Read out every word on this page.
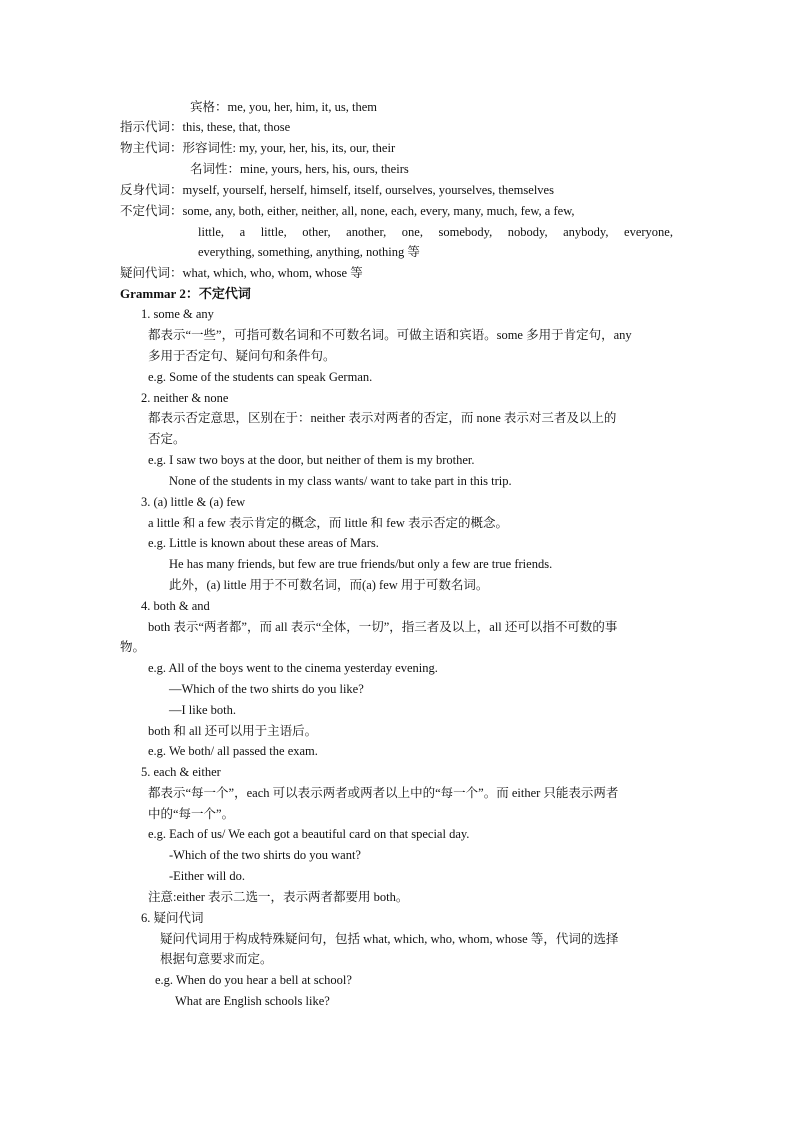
宾格：me, you, her, him, it, us, them
指示代词：this, these, that, those
物主代词：形容词性: my, your, her, his, its, our, their
名词性：mine, yours, hers, his, ours, theirs
反身代词：myself, yourself, herself, himself, itself, ourselves, yourselves, themselves
不定代词：some, any, both, either, neither, all, none, each, every, many, much, few, a few,
little, a little, other, another, one, somebody, nobody, anybody, everyone,
everything, something, anything, nothing 等
疑问代词：what, which, who, whom, whose 等
Grammar 2：不定代词
1. some & any
都表示“一些”，可指可数名词和不可数名词。可做主语和宾语。some 多用于肯定句，any
多用于否定句、疑问句和条件句。
e.g. Some of the students can speak German.
2. neither & none
都表示否定意思，区别在于：neither 表示对两者的否定，而 none 表示对三者及以上的
否定。
e.g. I saw two boys at the door, but neither of them is my brother.
None of the students in my class wants/ want to take part in this trip.
3. (a) little & (a) few
a little 和 a few 表示肯定的概念，而 little 和 few 表示否定的概念。
e.g. Little is known about these areas of Mars.
He has many friends, but few are true friends/but only a few are true friends.
此外，(a) little 用于不可数名词，而(a) few 用于可数名词。
4. both & and
both 表示“两者都”，而 all 表示“全体，一切”，指三者及以上，all 还可以指不可数的事
物。
e.g. All of the boys went to the cinema yesterday evening.
—Which of the two shirts do you like?
—I like both.
both 和 all 还可以用于主语后。
e.g. We both/ all passed the exam.
5. each & either
都表示“每一个”，each 可以表示两者或两者以上中的“每一个”。而 either 只能表示两者
中的“每一个”。
e.g. Each of us/ We each got a beautiful card on that special day.
-Which of the two shirts do you want?
-Either will do.
注意:either 表示二选一，表示两者都要用 both。
6. 疑问代词
疑问代词用于构成特殊疑问句，包括 what, which, who, whom, whose 等，代词的选择
根据句意要求而定。
e.g. When do you hear a bell at school?
What are English schools like?
